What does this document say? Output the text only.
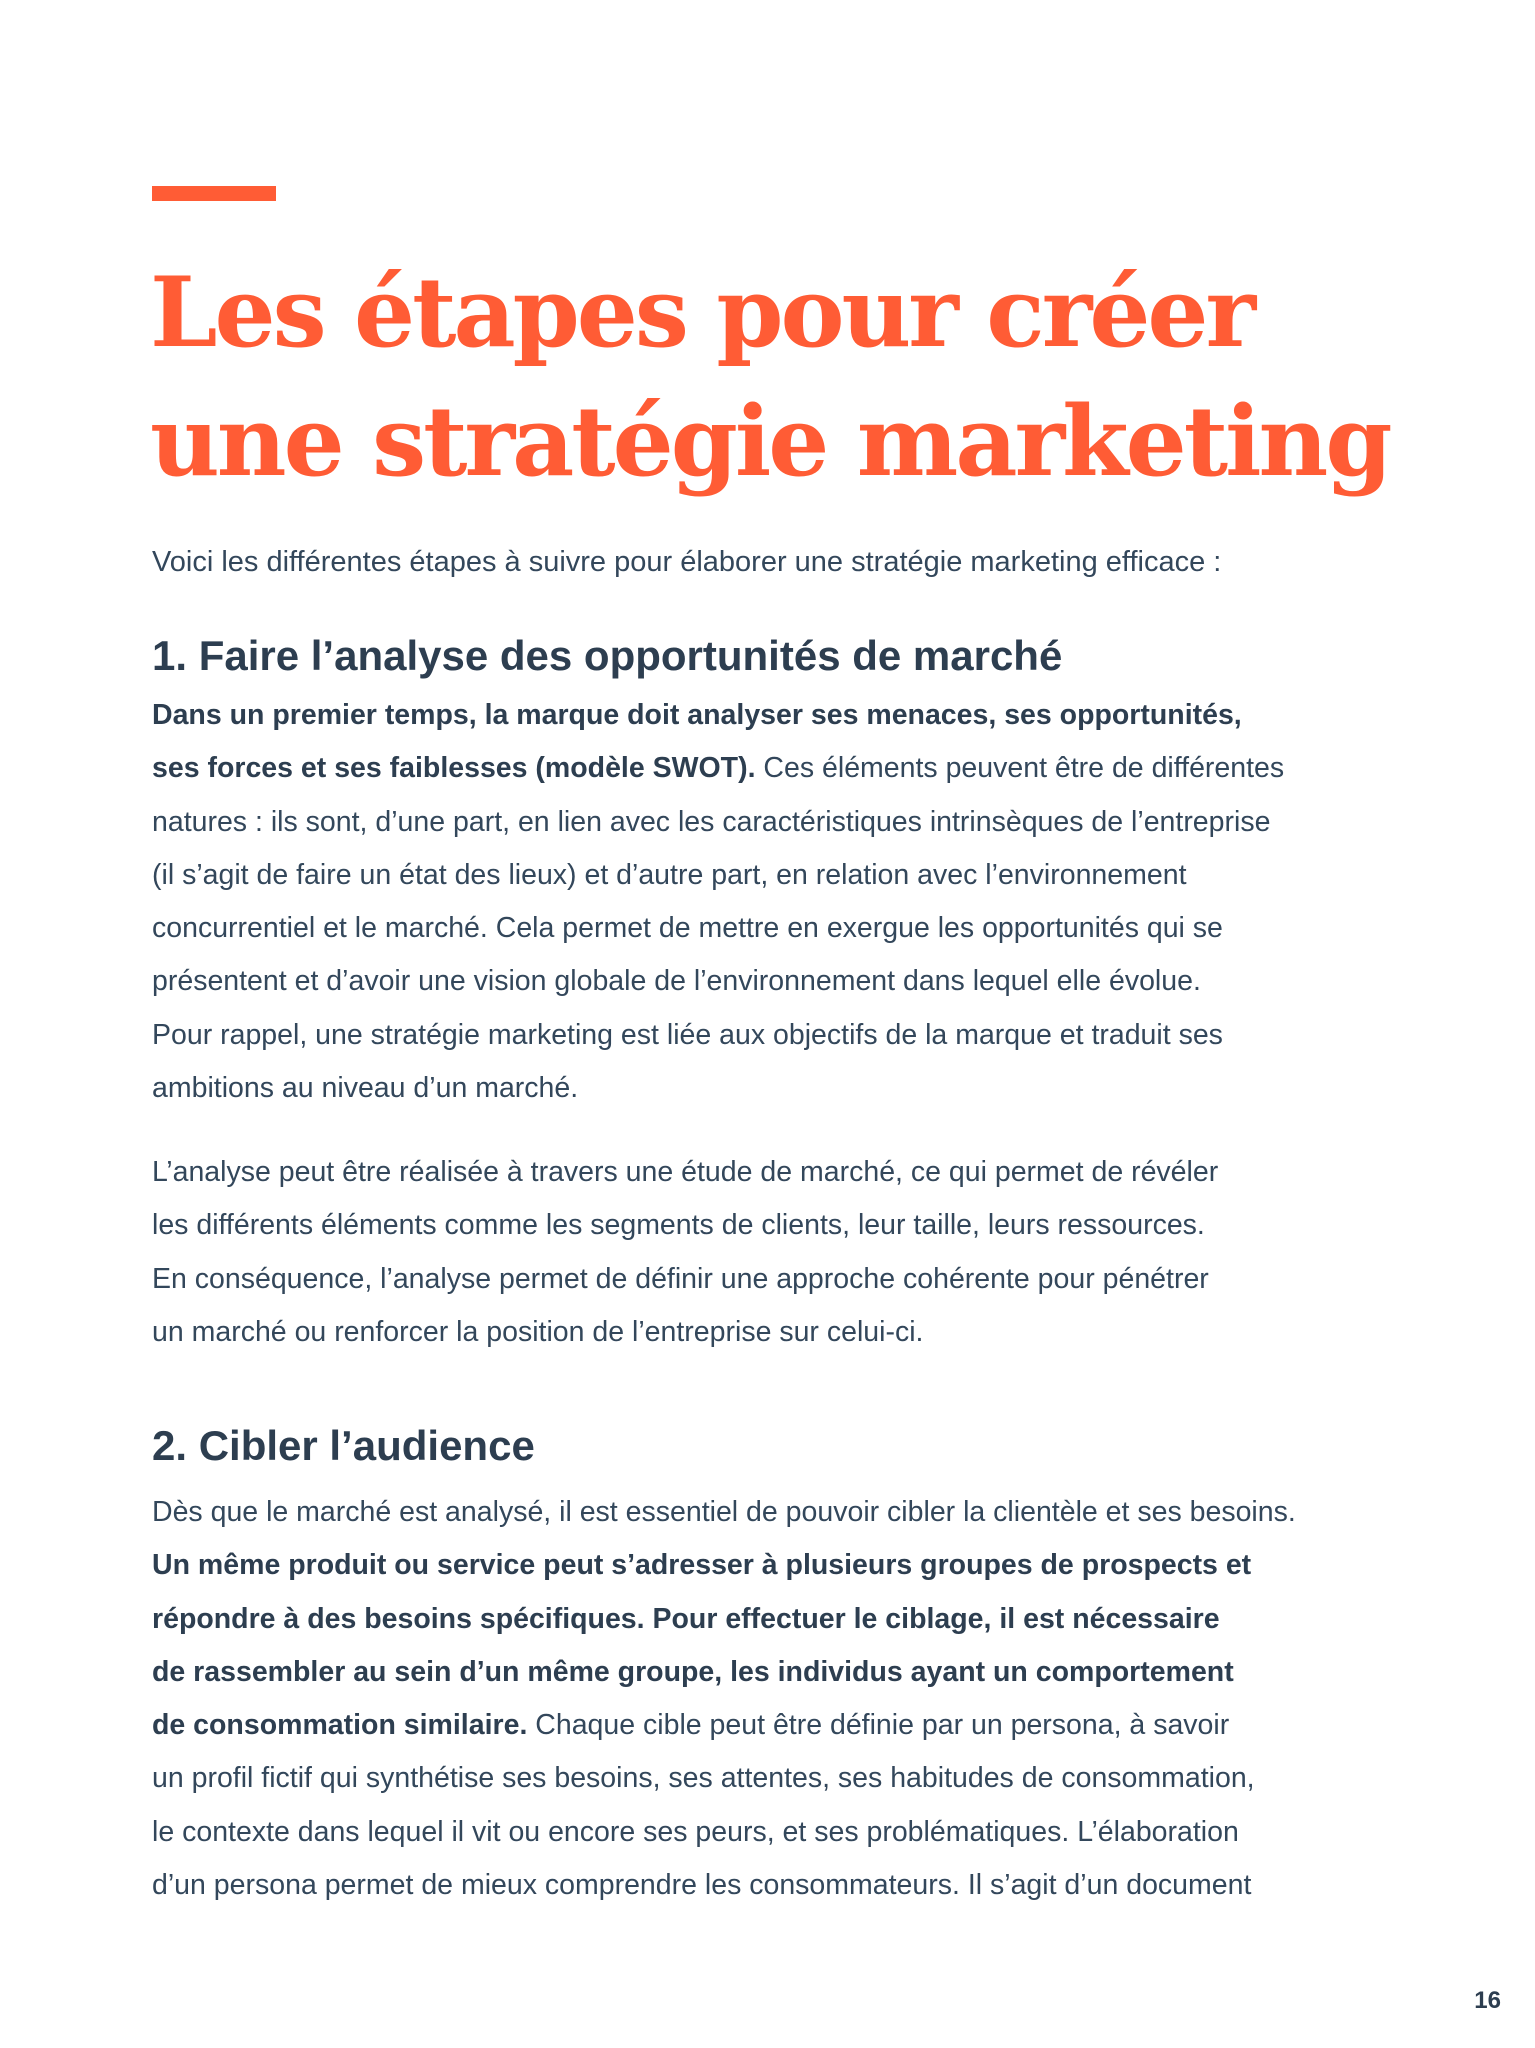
Les étapes pour créer
une stratégie marketing

Voici les différentes étapes à suivre pour élaborer une stratégie marketing efficace :

1. Faire l’analyse des opportunités de marché

Dans un premier temps, la marque doit analyser ses menaces, ses opportunités,
ses forces et ses faiblesses (modèle SWOT). Ces éléments peuvent être de différentes
natures : ils sont, d’une part, en lien avec les caractéristiques intrinsèques de l’entreprise
(il s’agit de faire un état des lieux) et d’autre part, en relation avec l’environnement
concurrentiel et le marché. Cela permet de mettre en exergue les opportunités qui se
présentent et d’avoir une vision globale de l’environnement dans lequel elle évolue.
Pour rappel, une stratégie marketing est liée aux objectifs de la marque et traduit ses
ambitions au niveau d’un marché.

L’analyse peut être réalisée à travers une étude de marché, ce qui permet de révéler
les différents éléments comme les segments de clients, leur taille, leurs ressources.
En conséquence, l’analyse permet de définir une approche cohérente pour pénétrer
un marché ou renforcer la position de l’entreprise sur celui-ci.

2. Cibler l’audience

Dès que le marché est analysé, il est essentiel de pouvoir cibler la clientèle et ses besoins.
Un même produit ou service peut s’adresser à plusieurs groupes de prospects et
répondre à des besoins spécifiques. Pour effectuer le ciblage, il est nécessaire
de rassembler au sein d’un même groupe, les individus ayant un comportement
de consommation similaire. Chaque cible peut être définie par un persona, à savoir
un profil fictif qui synthétise ses besoins, ses attentes, ses habitudes de consommation,
le contexte dans lequel il vit ou encore ses peurs, et ses problématiques. L’élaboration
d’un persona permet de mieux comprendre les consommateurs. Il s’agit d’un document

16
